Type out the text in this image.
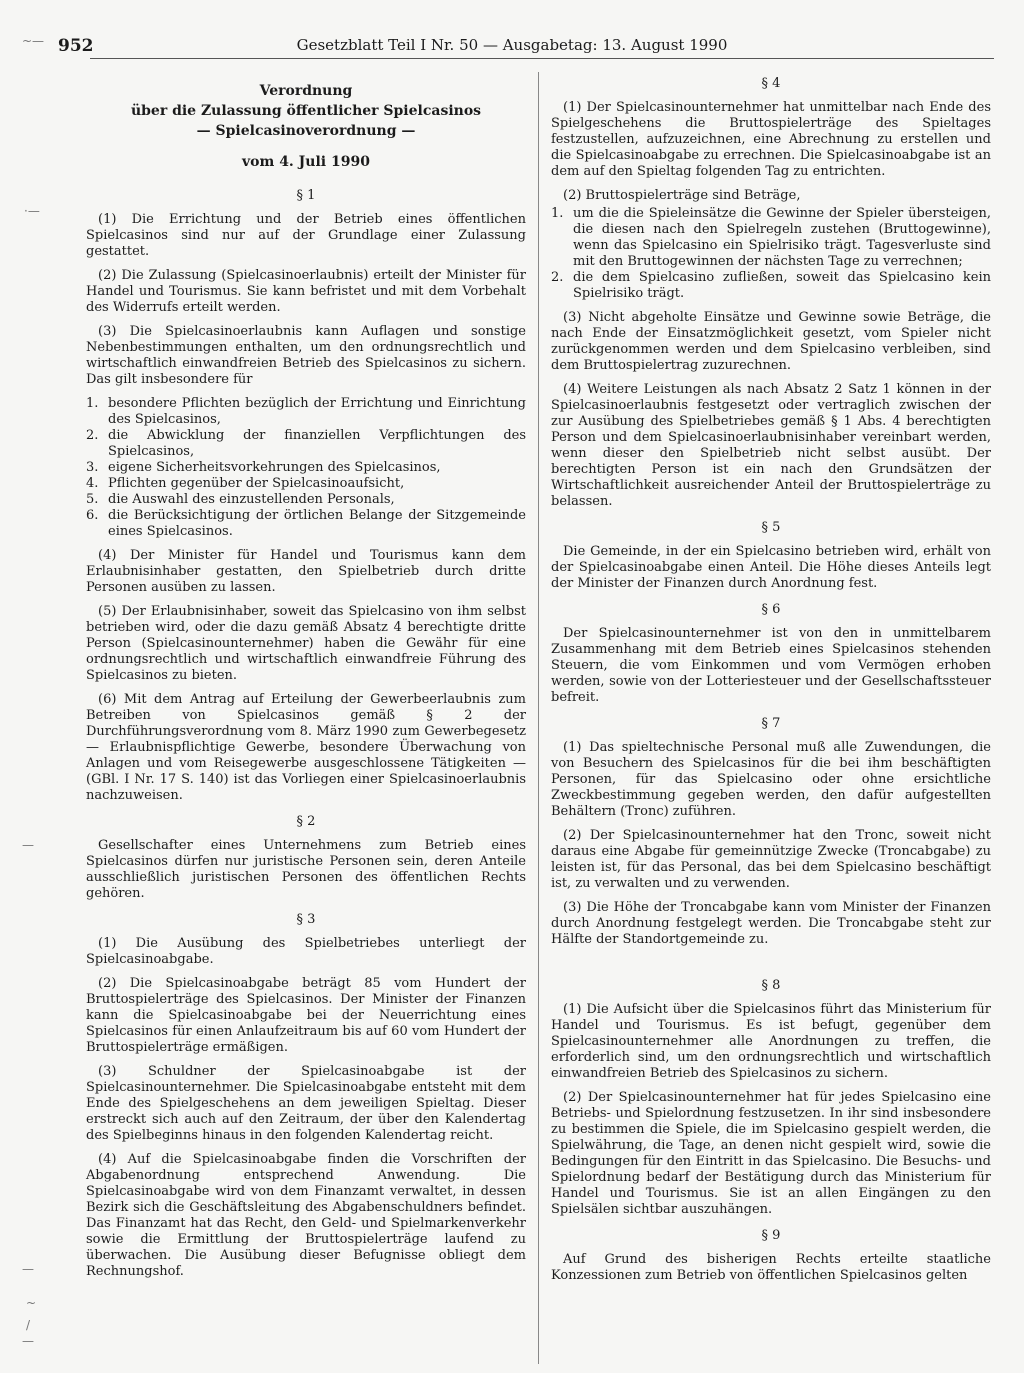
952	Gesetzblatt Teil I Nr. 50 — Ausgabetag: 13. August 1990
~—
·—
—
—
~
/
—
Verordnung
über die Zulassung öffentlicher Spielcasinos
— Spielcasinoverordnung —
vom 4. Juli 1990
§ 1

(1) Die Errichtung und der Betrieb eines öffentlichen Spielcasinos sind nur auf der Grundlage einer Zulassung gestattet.

(2) Die Zulassung (Spielcasinoerlaubnis) erteilt der Minister für Handel und Tourismus. Sie kann befristet und mit dem Vorbehalt des Widerrufs erteilt werden.

(3) Die Spielcasinoerlaubnis kann Auflagen und sonstige Nebenbestimmungen enthalten, um den ordnungsrechtlich und wirtschaftlich einwandfreien Betrieb des Spielcasinos zu sichern. Das gilt insbesondere für

1. besondere Pflichten bezüglich der Errichtung und Einrichtung des Spielcasinos,
2. die Abwicklung der finanziellen Verpflichtungen des Spielcasinos,
3. eigene Sicherheitsvorkehrungen des Spielcasinos,
4. Pflichten gegenüber der Spielcasinoaufsicht,
5. die Auswahl des einzustellenden Personals,
6. die Berücksichtigung der örtlichen Belange der Sitzgemeinde eines Spielcasinos.

(4) Der Minister für Handel und Tourismus kann dem Erlaubnisinhaber gestatten, den Spielbetrieb durch dritte Personen ausüben zu lassen.

(5) Der Erlaubnisinhaber, soweit das Spielcasino von ihm selbst betrieben wird, oder die dazu gemäß Absatz 4 berechtigte dritte Person (Spielcasinounternehmer) haben die Gewähr für eine ordnungsrechtlich und wirtschaftlich einwandfreie Führung des Spielcasinos zu bieten.

(6) Mit dem Antrag auf Erteilung der Gewerbeerlaubnis zum Betreiben von Spielcasinos gemäß § 2 der Durchführungsverordnung vom 8. März 1990 zum Gewerbegesetz — Erlaubnispflichtige Gewerbe, besondere Überwachung von Anlagen und vom Reisegewerbe ausgeschlossene Tätigkeiten — (GBl. I Nr. 17 S. 140) ist das Vorliegen einer Spielcasinoerlaubnis nachzuweisen.

§ 2

Gesellschafter eines Unternehmens zum Betrieb eines Spielcasinos dürfen nur juristische Personen sein, deren Anteile ausschließlich juristischen Personen des öffentlichen Rechts gehören.

§ 3

(1) Die Ausübung des Spielbetriebes unterliegt der Spielcasinoabgabe.

(2) Die Spielcasinoabgabe beträgt 85 vom Hundert der Bruttospielerträge des Spielcasinos. Der Minister der Finanzen kann die Spielcasinoabgabe bei der Neuerrichtung eines Spielcasinos für einen Anlaufzeitraum bis auf 60 vom Hundert der Bruttospielerträge ermäßigen.

(3) Schuldner der Spielcasinoabgabe ist der Spielcasinounternehmer. Die Spielcasinoabgabe entsteht mit dem Ende des Spielgeschehens an dem jeweiligen Spieltag. Dieser erstreckt sich auch auf den Zeitraum, der über den Kalendertag des Spielbeginns hinaus in den folgenden Kalendertag reicht.

(4) Auf die Spielcasinoabgabe finden die Vorschriften der Abgabenordnung entsprechend Anwendung. Die Spielcasinoabgabe wird von dem Finanzamt verwaltet, in dessen Bezirk sich die Geschäftsleitung des Abgabenschuldners befindet. Das Finanzamt hat das Recht, den Geld- und Spielmarkenverkehr sowie die Ermittlung der Bruttospielerträge laufend zu überwachen. Die Ausübung dieser Befugnisse obliegt dem Rechnungshof.

§ 4

(1) Der Spielcasinounternehmer hat unmittelbar nach Ende des Spielgeschehens die Bruttospielerträge des Spieltages festzustellen, aufzuzeichnen, eine Abrechnung zu erstellen und die Spielcasinoabgabe zu errechnen. Die Spielcasinoabgabe ist an dem auf den Spieltag folgenden Tag zu entrichten.

(2) Bruttospielerträge sind Beträge,

1. um die die Spieleinsätze die Gewinne der Spieler übersteigen, die diesen nach den Spielregeln zustehen (Bruttogewinne), wenn das Spielcasino ein Spielrisiko trägt. Tagesverluste sind mit den Bruttogewinnen der nächsten Tage zu verrechnen;
2. die dem Spielcasino zufließen, soweit das Spielcasino kein Spielrisiko trägt.

(3) Nicht abgeholte Einsätze und Gewinne sowie Beträge, die nach Ende der Einsatzmöglichkeit gesetzt, vom Spieler nicht zurückgenommen werden und dem Spielcasino verbleiben, sind dem Bruttospielertrag zuzurechnen.

(4) Weitere Leistungen als nach Absatz 2 Satz 1 können in der Spielcasinoerlaubnis festgesetzt oder vertraglich zwischen der zur Ausübung des Spielbetriebes gemäß § 1 Abs. 4 berechtigten Person und dem Spielcasinoerlaubnisinhaber vereinbart werden, wenn dieser den Spielbetrieb nicht selbst ausübt. Der berechtigten Person ist ein nach den Grundsätzen der Wirtschaftlichkeit ausreichender Anteil der Bruttospielerträge zu belassen.

§ 5

Die Gemeinde, in der ein Spielcasino betrieben wird, erhält von der Spielcasinoabgabe einen Anteil. Die Höhe dieses Anteils legt der Minister der Finanzen durch Anordnung fest.

§ 6

Der Spielcasinounternehmer ist von den in unmittelbarem Zusammenhang mit dem Betrieb eines Spielcasinos stehenden Steuern, die vom Einkommen und vom Vermögen erhoben werden, sowie von der Lotteriesteuer und der Gesellschaftssteuer befreit.

§ 7

(1) Das spieltechnische Personal muß alle Zuwendungen, die von Besuchern des Spielcasinos für die bei ihm beschäftigten Personen, für das Spielcasino oder ohne ersichtliche Zweckbestimmung gegeben werden, den dafür aufgestellten Behältern (Tronc) zuführen.

(2) Der Spielcasinounternehmer hat den Tronc, soweit nicht daraus eine Abgabe für gemeinnützige Zwecke (Troncabgabe) zu leisten ist, für das Personal, das bei dem Spielcasino beschäftigt ist, zu verwalten und zu verwenden.

(3) Die Höhe der Troncabgabe kann vom Minister der Finanzen durch Anordnung festgelegt werden. Die Troncabgabe steht zur Hälfte der Standortgemeinde zu.

§ 8

(1) Die Aufsicht über die Spielcasinos führt das Ministerium für Handel und Tourismus. Es ist befugt, gegenüber dem Spielcasinounternehmer alle Anordnungen zu treffen, die erforderlich sind, um den ordnungsrechtlich und wirtschaftlich einwandfreien Betrieb des Spielcasinos zu sichern.

(2) Der Spielcasinounternehmer hat für jedes Spielcasino eine Betriebs- und Spielordnung festzusetzen. In ihr sind insbesondere zu bestimmen die Spiele, die im Spielcasino gespielt werden, die Spielwährung, die Tage, an denen nicht gespielt wird, sowie die Bedingungen für den Eintritt in das Spielcasino. Die Besuchs- und Spielordnung bedarf der Bestätigung durch das Ministerium für Handel und Tourismus. Sie ist an allen Eingängen zu den Spielsälen sichtbar auszuhängen.

§ 9

Auf Grund des bisherigen Rechts erteilte staatliche Konzessionen zum Betrieb von öffentlichen Spielcasinos gelten
